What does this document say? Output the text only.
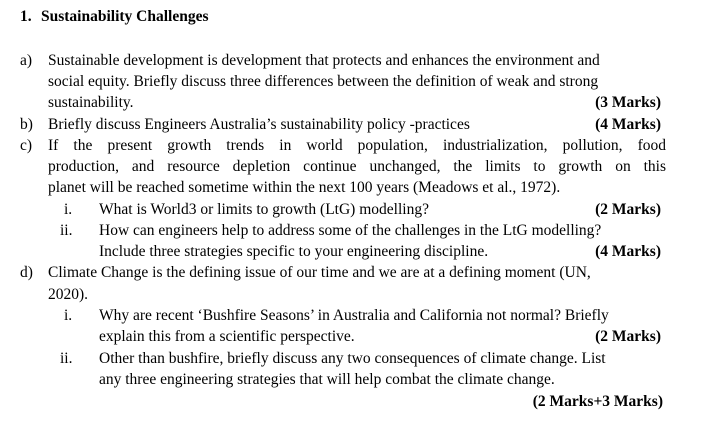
1. Sustainability Challenges
a) Sustainable development is development that protects and enhances the environment and
social equity. Briefly discuss three differences between the definition of weak and strong
sustainability.	(3 Marks)
b) Briefly discuss Engineers Australia’s sustainability policy -practices	(4 Marks)
c) If the present growth trends in world population, industrialization, pollution, food
production, and resource depletion continue unchanged, the limits to growth on this
planet will be reached sometime within the next 100 years (Meadows et al., 1972).
i. What is World3 or limits to growth (LtG) modelling?	(2 Marks)
ii. How can engineers help to address some of the challenges in the LtG modelling?
Include three strategies specific to your engineering discipline.	(4 Marks)
d) Climate Change is the defining issue of our time and we are at a defining moment (UN,
2020).
i. Why are recent ‘Bushfire Seasons’ in Australia and California not normal? Briefly
explain this from a scientific perspective.	(2 Marks)
ii. Other than bushfire, briefly discuss any two consequences of climate change. List
any three engineering strategies that will help combat the climate change.
(2 Marks+3 Marks)
